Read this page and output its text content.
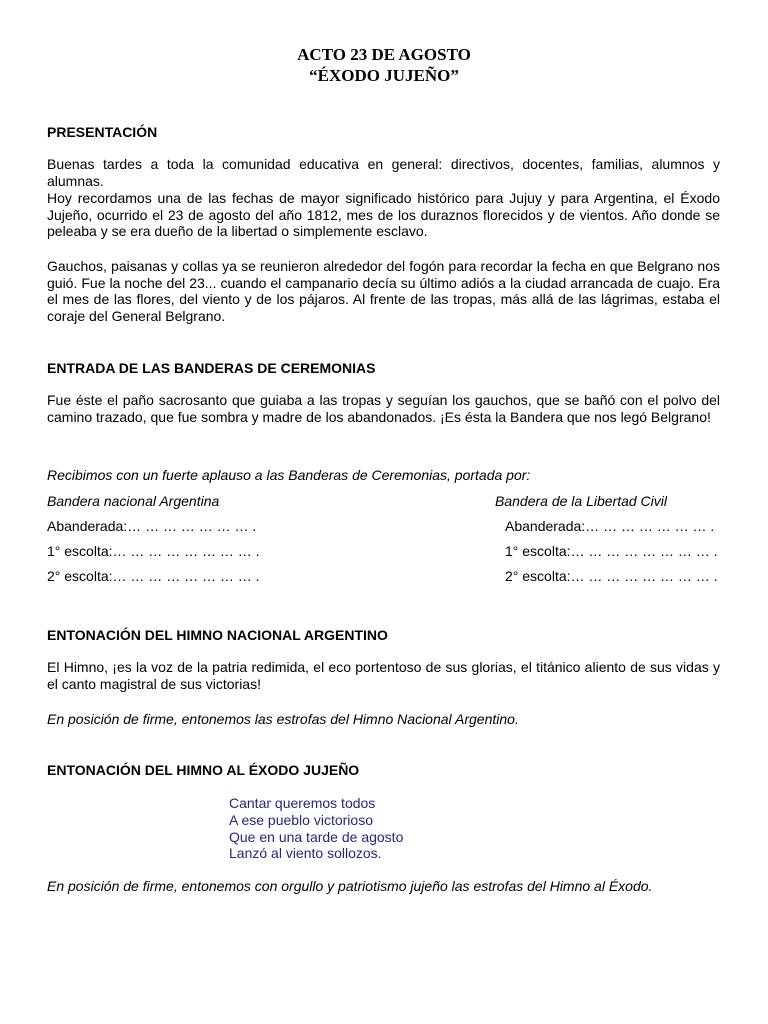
ACTO 23 DE AGOSTO
“ÉXODO JUJEÑO”
PRESENTACIÓN
Buenas tardes a toda la comunidad educativa en general: directivos, docentes, familias, alumnos y alumnas.
Hoy recordamos una de las fechas de mayor significado histórico para Jujuy y para Argentina, el Éxodo Jujeño, ocurrido el 23 de agosto del año 1812, mes de los duraznos florecidos y de vientos. Año donde se peleaba y se era dueño de la libertad o simplemente esclavo.
Gauchos, paisanas y collas ya se reunieron alrededor del fogón para recordar la fecha en que Belgrano nos guió. Fue la noche del 23... cuando el campanario decía su último adiós a la ciudad arrancada de cuajo. Era el mes de las flores, del viento y de los pájaros. Al frente de las tropas, más allá de las lágrimas, estaba el coraje del General Belgrano.
ENTRADA DE LAS BANDERAS DE CEREMONIAS
Fue éste el paño sacrosanto que guiaba a las tropas y seguían los gauchos, que se bañó con el polvo del camino trazado, que fue sombra y madre de los abandonados. ¡Es ésta la Bandera que nos legó Belgrano!
Recibimos con un fuerte aplauso a las Banderas de Ceremonias, portada por:
Bandera nacional Argentina
Abanderada:… … … … … … … .
1° escolta:… … … … … … … … .
2° escolta:… … … … … … … … .
Bandera de la Libertad Civil
Abanderada:… … … … … … … .
1° escolta:… … … … … … … … .
2° escolta:… … … … … … … … .
ENTONACIÓN DEL HIMNO NACIONAL ARGENTINO
El Himno, ¡es la voz de la patria redimida, el eco portentoso de sus glorias, el titánico aliento de sus vidas y el canto magistral de sus victorias!
En posición de firme, entonemos las estrofas del Himno Nacional Argentino.
ENTONACIÓN DEL HIMNO AL ÉXODO JUJEÑO
Cantar queremos todos
A ese pueblo victorioso
Que en una tarde de agosto
Lanzó al viento sollozos.
En posición de firme, entonemos con orgullo y patriotismo jujeño las estrofas del Himno al Éxodo.
